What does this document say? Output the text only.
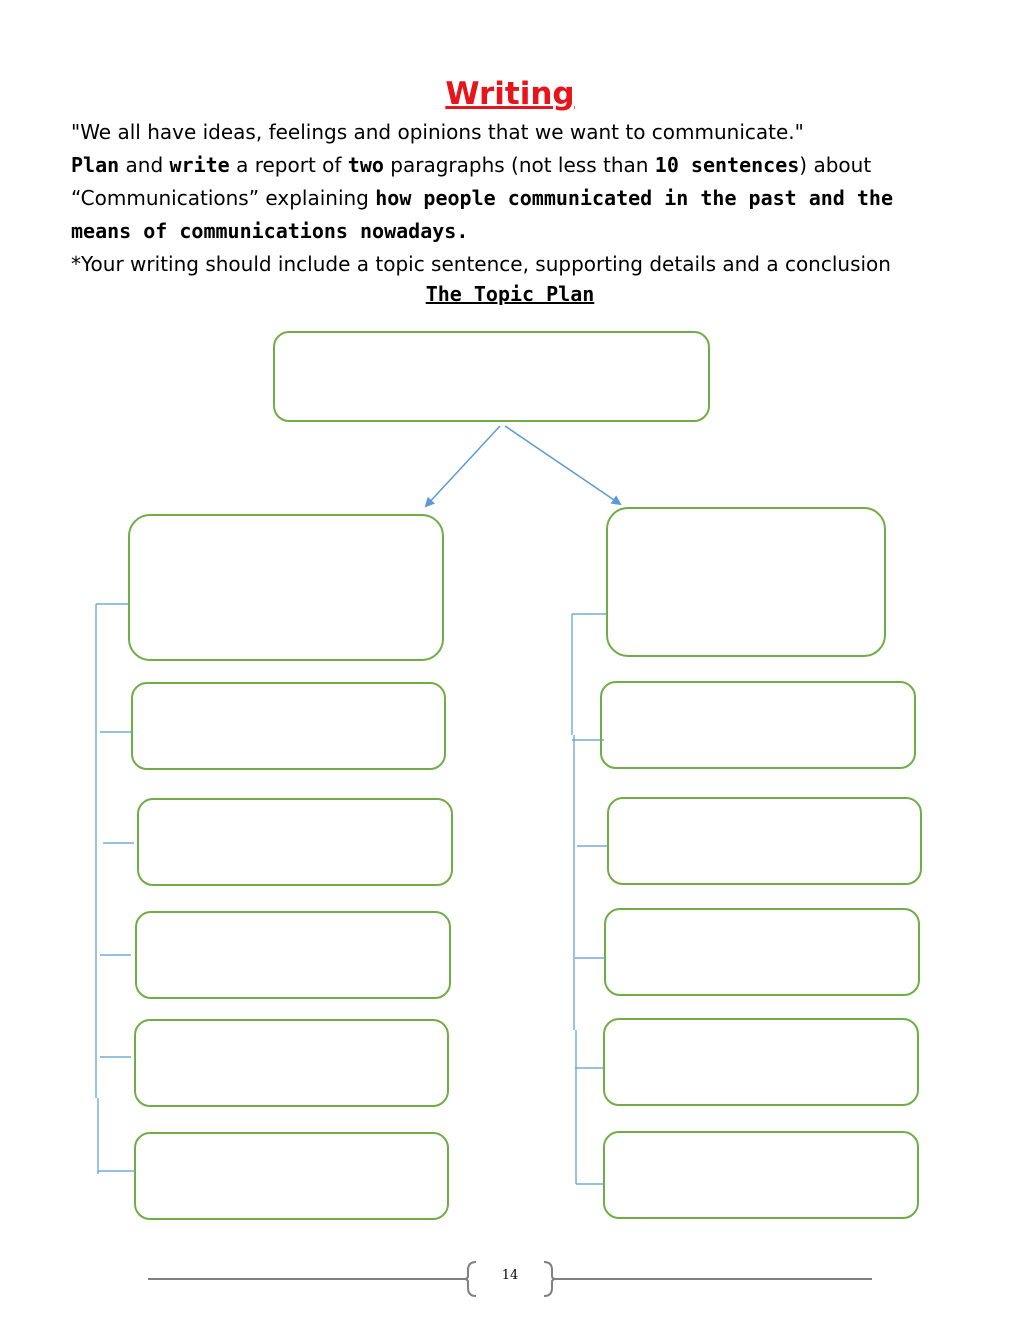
Writing
"We all have ideas, feelings and opinions that we want to communicate."
Plan and write a report of two paragraphs (not less than 10 sentences) about
“Communications” explaining how people communicated in the past and the
means of communications nowadays.
*Your writing should include a topic sentence, supporting details and a conclusion
The Topic Plan
14
